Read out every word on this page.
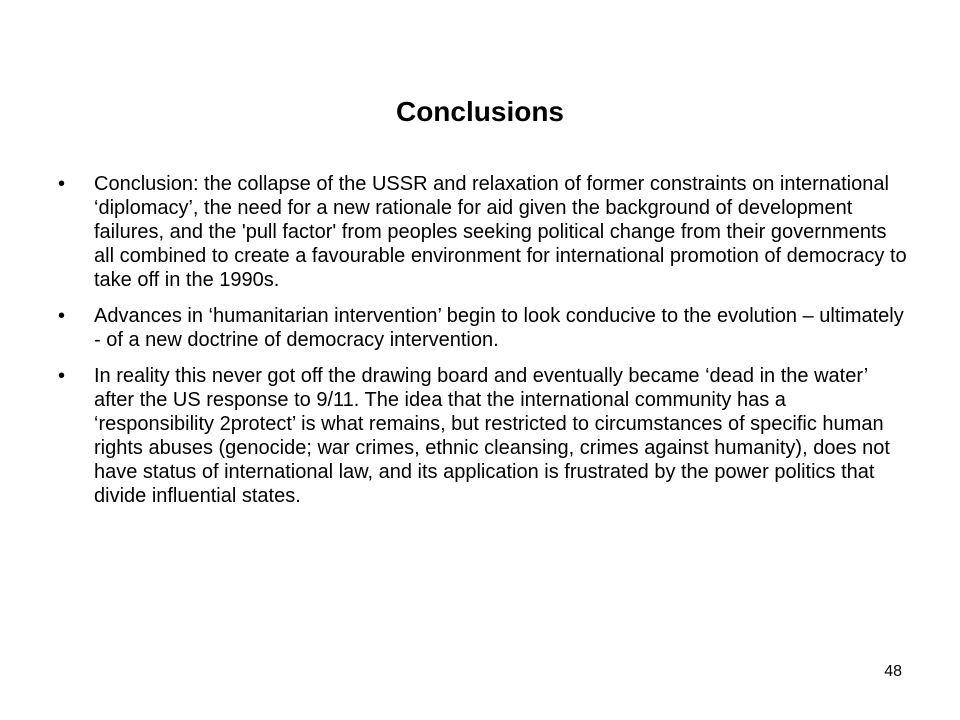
Conclusions
•	Conclusion: the collapse of the USSR and relaxation of former constraints on international ‘diplomacy’, the need for a new rationale for aid given the background of development failures, and the 'pull factor' from peoples seeking political change from their governments all combined to create a favourable environment for international promotion of democracy to take off in the 1990s.
•	Advances in ‘humanitarian intervention’ begin to look conducive to the evolution – ultimately - of a new doctrine of democracy intervention.
•	In reality this never got off the drawing board and eventually became ‘dead in the water’ after the US response to 9/11. The idea that the international community has a ‘responsibility 2protect’ is what remains, but restricted to circumstances of specific human rights abuses (genocide; war crimes, ethnic cleansing, crimes against humanity), does not have status of international law, and its application is frustrated by the power politics that divide influential states.
48
